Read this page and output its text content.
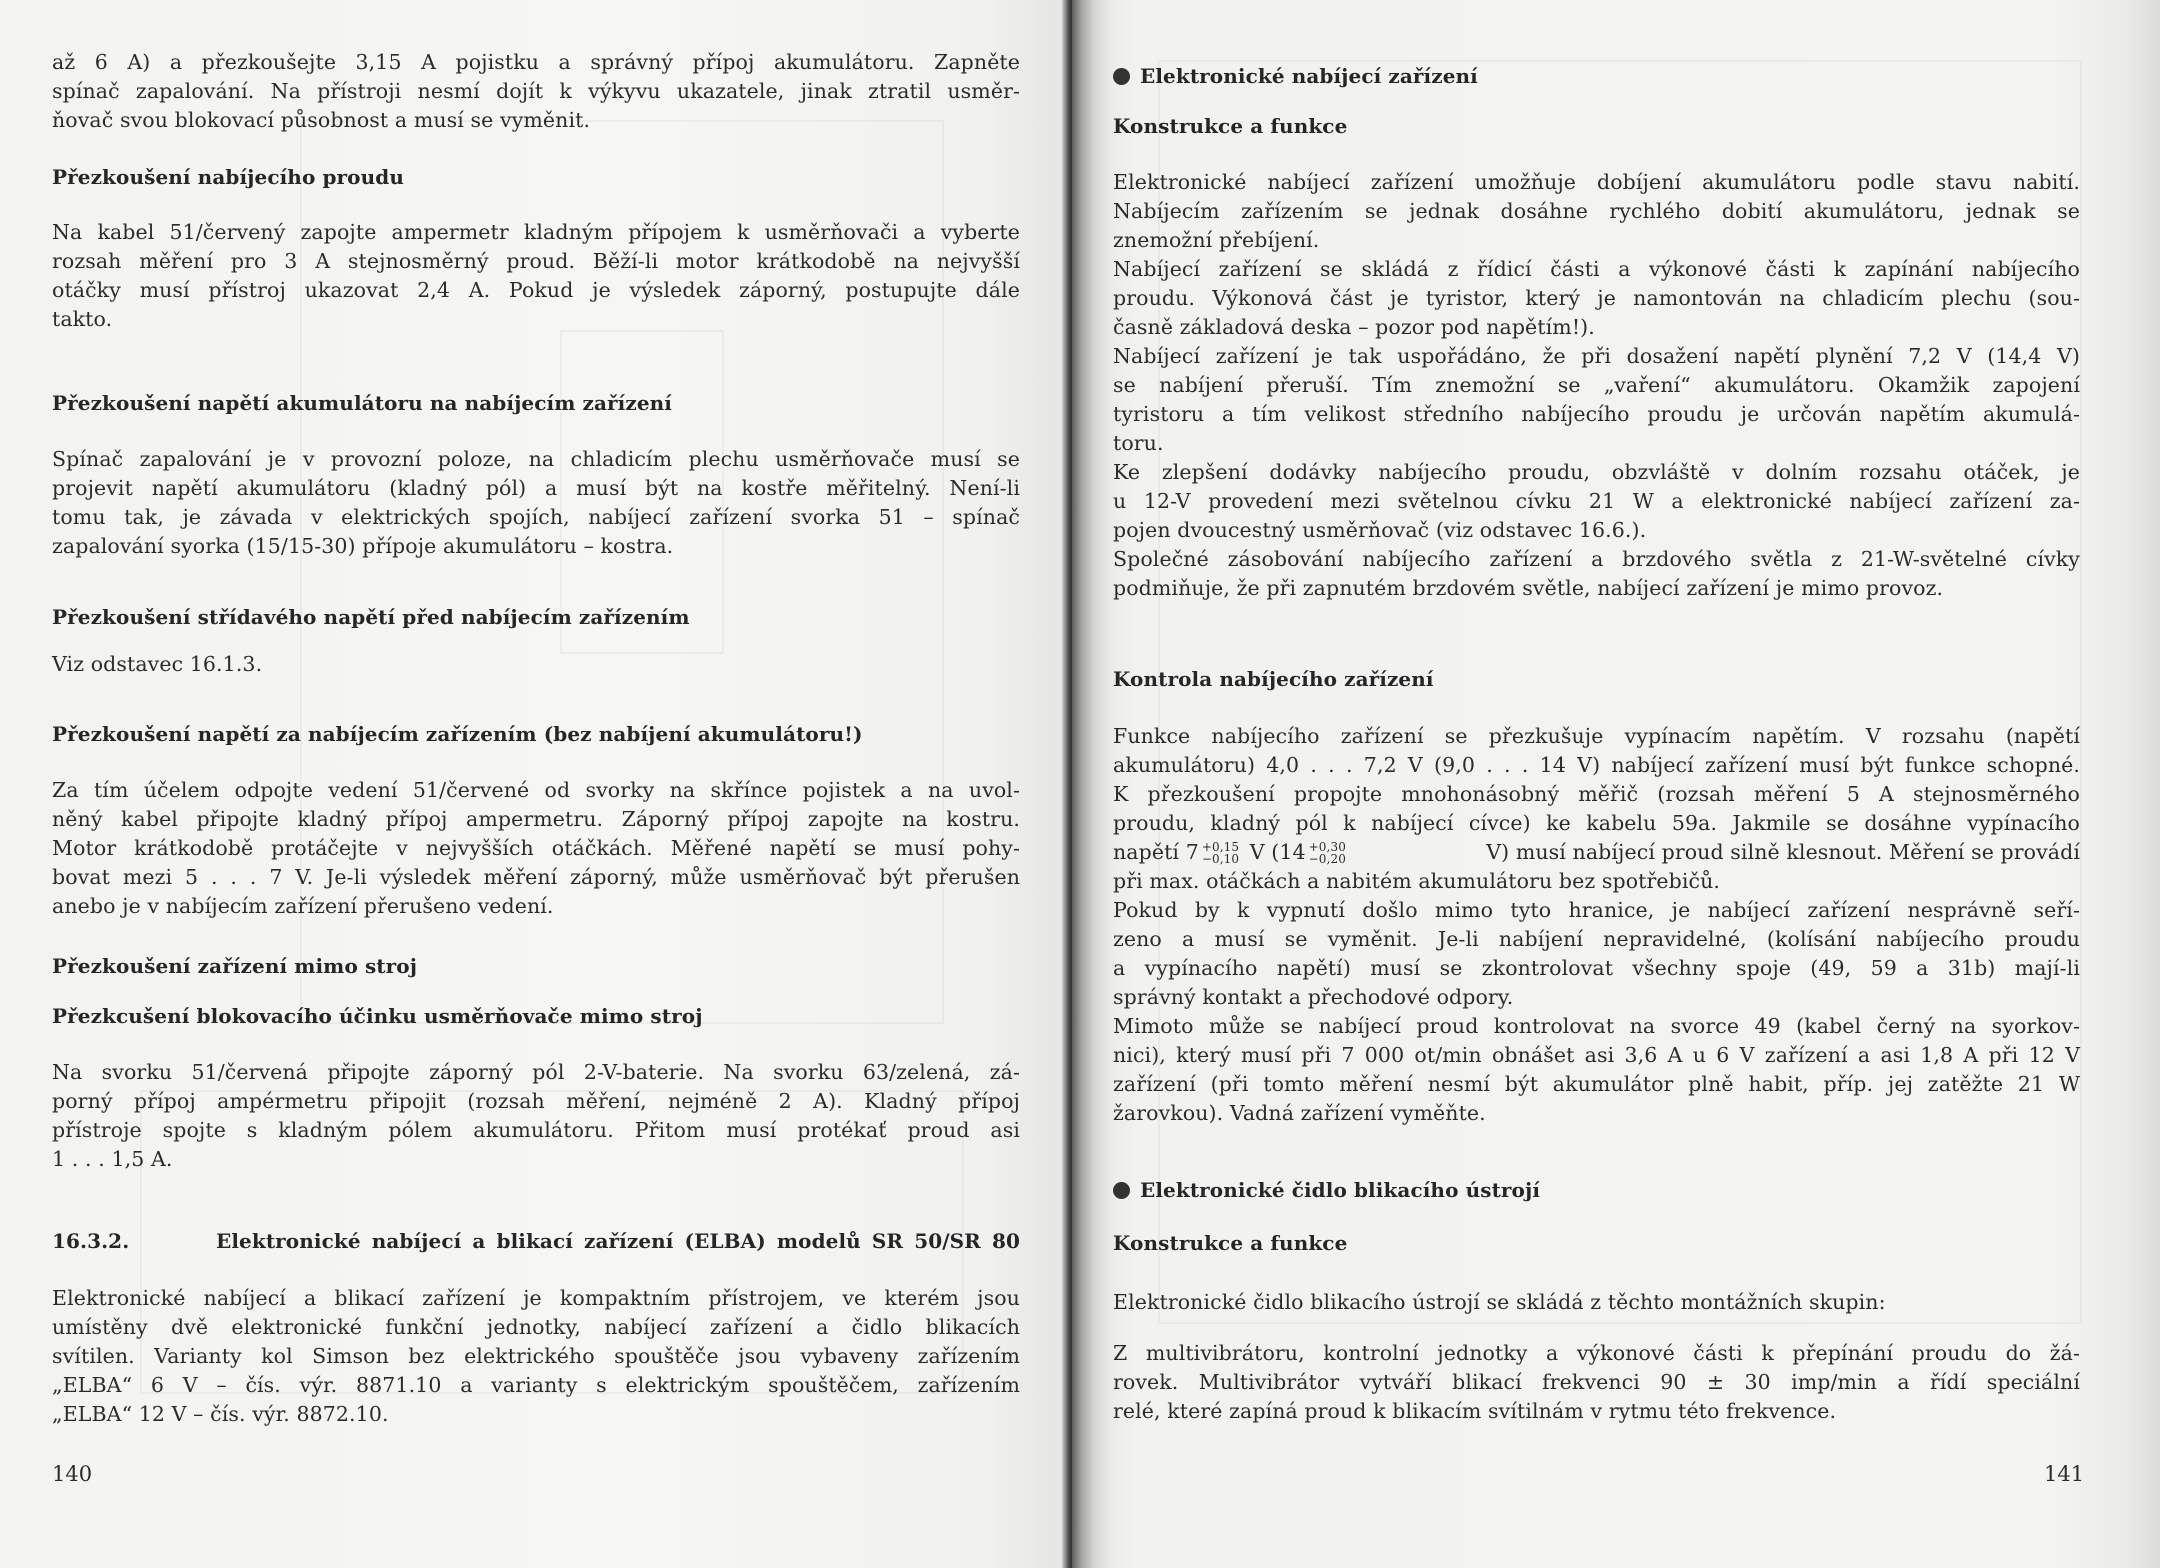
až 6 A) a přezkoušejte 3,15 A pojistku a správný přípoj akumulátoru. Zapněte
spínač zapalování. Na přístroji nesmí dojít k výkyvu ukazatele, jinak ztratil usměr-
ňovač svou blokovací působnost a musí se vyměnit.
Přezkoušení nabíjecího proudu
Na kabel 51/červený zapojte ampermetr kladným přípojem k usměrňovači a vyberte
rozsah měření pro 3 A stejnosměrný proud. Běží-li motor krátkodobě na nejvyšší
otáčky musí přístroj ukazovat 2,4 A. Pokud je výsledek záporný, postupujte dále
takto.
Přezkoušení napětí akumulátoru na nabíjecím zařízení
Spínač zapalování je v provozní poloze, na chladicím plechu usměrňovače musí se
projevit napětí akumulátoru (kladný pól) a musí být na kostře měřitelný. Není-li
tomu tak, je závada v elektrických spojích, nabíjecí zařízení svorka 51 – spínač
zapalování syorka (15/15-30) přípoje akumulátoru – kostra.
Přezkoušení střídavého napětí před nabíjecím zařízením
Viz odstavec 16.1.3.
Přezkoušení napětí za nabíjecím zařízením (bez nabíjení akumulátoru!)
Za tím účelem odpojte vedení 51/červené od svorky na skřínce pojistek a na uvol-
něný kabel připojte kladný přípoj ampermetru. Záporný přípoj zapojte na kostru.
Motor krátkodobě protáčejte v nejvyšších otáčkách. Měřené napětí se musí pohy-
bovat mezi 5 . . . 7 V. Je-li výsledek měření záporný, může usměrňovač být přerušen
anebo je v nabíjecím zařízení přerušeno vedení.
Přezkoušení zařízení mimo stroj
Přezkcušení blokovacího účinku usměrňovače mimo stroj
Na svorku 51/červená připojte záporný pól 2-V-baterie. Na svorku 63/zelená, zá-
porný přípoj ampérmetru připojit (rozsah měření, nejméně 2 A). Kladný přípoj
přístroje spojte s kladným pólem akumulátoru. Přitom musí protékať proud asi
1 . . . 1,5 A.
16.3.2.	Elektronické nabíjecí a blikací zařízení (ELBA) modelů SR 50/SR 80
Elektronické nabíjecí a blikací zařízení je kompaktním přístrojem, ve kterém jsou
umístěny dvě elektronické funkční jednotky, nabíjecí zařízení a čidlo blikacích
svítilen. Varianty kol Simson bez elektrického spouštěče jsou vybaveny zařízením
„ELBA“ 6 V – čís. výr. 8871.10 a varianty s elektrickým spouštěčem, zařízením
„ELBA“ 12 V – čís. výr. 8872.10.
140
Elektronické nabíjecí zařízení
Konstrukce a funkce
Elektronické nabíjecí zařízení umožňuje dobíjení akumulátoru podle stavu nabití.
Nabíjecím zařízením se jednak dosáhne rychlého dobití akumulátoru, jednak se
znemožní přebíjení.
Nabíjecí zařízení se skládá z řídicí části a výkonové části k zapínání nabíjecího
proudu. Výkonová část je tyristor, který je namontován na chladicím plechu (sou-
časně základová deska – pozor pod napětím!).
Nabíjecí zařízení je tak uspořádáno, že při dosažení napětí plynění 7,2 V (14,4 V)
se nabíjení přeruší. Tím znemožní se „vaření“ akumulátoru. Okamžik zapojení
tyristoru a tím velikost středního nabíjecího proudu je určován napětím akumulá-
toru.
Ke zlepšení dodávky nabíjecího proudu, obzvláště v dolním rozsahu otáček, je
u 12-V provedení mezi světelnou cívku 21 W a elektronické nabíjecí zařízení za-
pojen dvoucestný usměrňovač (viz odstavec 16.6.).
Společné zásobování nabíjecího zařízení a brzdového světla z 21-W-světelné cívky
podmiňuje, že při zapnutém brzdovém světle, nabíjecí zařízení je mimo provoz.
Kontrola nabíjecího zařízení
Funkce nabíjecího zařízení se přezkušuje vypínacím napětím. V rozsahu (napětí
akumulátoru) 4,0 . . . 7,2 V (9,0 . . . 14 V) nabíjecí zařízení musí být funkce schopné.
K přezkoušení propojte mnohonásobný měřič (rozsah měření 5 A stejnosměrného
proudu, kladný pól k nabíjecí cívce) ke kabelu 59a. Jakmile se dosáhne vypínacího
napětí 7 +0,15
−0,10 V (14 +0,30
−0,20	V) musí nabíjecí proud silně klesnout. Měření se provádí
při max. otáčkách a nabitém akumulátoru bez spotřebičů.
Pokud by k vypnutí došlo mimo tyto hranice, je nabíjecí zařízení nesprávně seří-
zeno a musí se vyměnit. Je-li nabíjení nepravidelné, (kolísání nabíjecího proudu
a vypínacího napětí) musí se zkontrolovat všechny spoje (49, 59 a 31b) mají-li
správný kontakt a přechodové odpory.
Mimoto může se nabíjecí proud kontrolovat na svorce 49 (kabel černý na syorkov-
nici), který musí při 7 000 ot/min obnášet asi 3,6 A u 6 V zařízení a asi 1,8 A při 12 V
zařízení (při tomto měření nesmí být akumulátor plně habit, příp. jej zatěžte 21 W
žarovkou). Vadná zařízení vyměňte.
Elektronické čidlo blikacího ústrojí
Konstrukce a funkce
Elektronické čidlo blikacího ústrojí se skládá z těchto montážních skupin:
Z multivibrátoru, kontrolní jednotky a výkonové části k přepínání proudu do žá-
rovek. Multivibrátor vytváří blikací frekvenci 90 ± 30 imp/min a řídí speciální
relé, které zapíná proud k blikacím svítilnám v rytmu této frekvence.
141
